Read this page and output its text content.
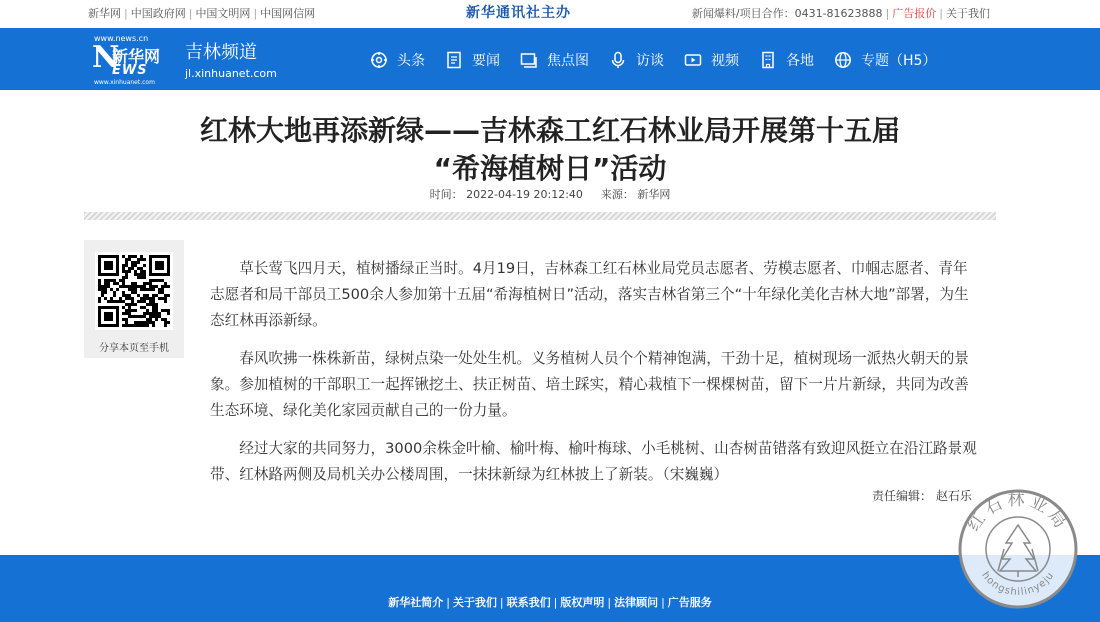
新华网 | 中国政府网 | 中国文明网 | 中国网信网	新华通讯社主办	新闻爆料/项目合作：0431-81623888 | 广告报价 | 关于我们
www.news.cn
N
新华网
EWS
www.xinhuanet.com
吉林频道
jl.xinhuanet.com
头条	要闻	焦点图	访谈	视频	各地	专题（H5）
红林大地再添新绿——吉林森工红石林业局开展第十五届
“希海植树日”活动
时间： 2022-04-19 20:12:40 来源： 新华网
分享本页至手机

草长莺飞四月天，植树播绿正当时。4月19日，吉林森工红石林业局党员志愿者、劳模志愿者、巾帼志愿者、青年志愿者和局干部员工500余人参加第十五届“希海植树日”活动，落实吉林省第三个“十年绿化美化吉林大地”部署，为生态红林再添新绿。

春风吹拂一株株新苗，绿树点染一处处生机。义务植树人员个个精神饱满，干劲十足，植树现场一派热火朝天的景象。参加植树的干部职工一起挥锹挖土、扶正树苗、培土踩实，精心栽植下一棵棵树苗，留下一片片新绿，共同为改善生态环境、绿化美化家园贡献自己的一份力量。

经过大家的共同努力，3000余株金叶榆、榆叶梅、榆叶梅球、小毛桃树、山杏树苗错落有致迎风挺立在沿江路景观带、红林路两侧及局机关办公楼周围，一抹抹新绿为红林披上了新装。（宋巍巍）

责任编辑： 赵石乐
新华社简介 | 关于我们 | 联系我们 | 版权声明 | 法律顾问 | 广告服务
红石林业局
hongshilinyeju
